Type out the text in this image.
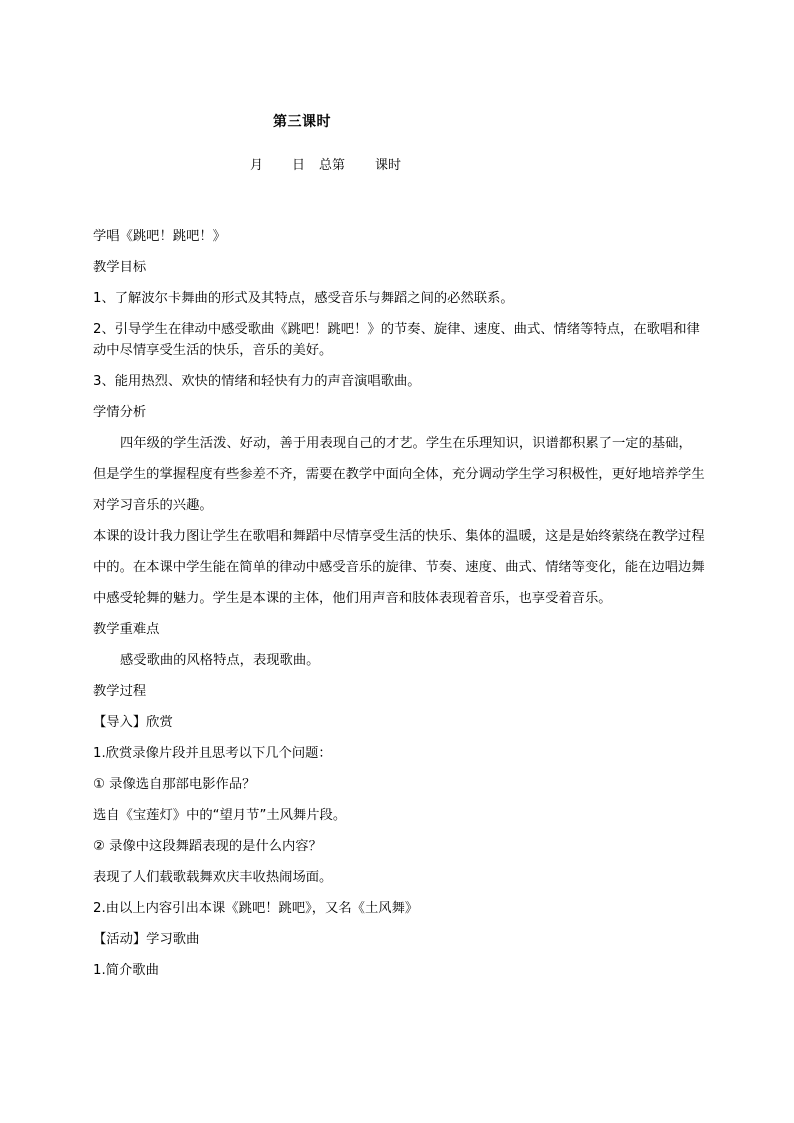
第三课时
月 日 总第 课时

学唱《跳吧！跳吧！》

教学目标

1、了解波尔卡舞曲的形式及其特点，感受音乐与舞蹈之间的必然联系。

2、引导学生在律动中感受歌曲《跳吧！跳吧！》的节奏、旋律、速度、曲式、情绪等特点，在歌唱和律动中尽情享受生活的快乐，音乐的美好。

3、能用热烈、欢快的情绪和轻快有力的声音演唱歌曲。

学情分析

四年级的学生活泼、好动，善于用表现自己的才艺。学生在乐理知识，识谱都积累了一定的基础，但是学生的掌握程度有些参差不齐，需要在教学中面向全体，充分调动学生学习积极性，更好地培养学生对学习音乐的兴趣。

本课的设计我力图让学生在歌唱和舞蹈中尽情享受生活的快乐、集体的温暖，这是是始终萦绕在教学过程中的。在本课中学生能在简单的律动中感受音乐的旋律、节奏、速度、曲式、情绪等变化，能在边唱边舞中感受轮舞的魅力。学生是本课的主体，他们用声音和肢体表现着音乐，也享受着音乐。

教学重难点

感受歌曲的风格特点，表现歌曲。

教学过程

【导入】欣赏

1.欣赏录像片段并且思考以下几个问题：

① 录像选自那部电影作品？

选自《宝莲灯》中的“望月节”土风舞片段。

② 录像中这段舞蹈表现的是什么内容？

表现了人们载歌载舞欢庆丰收热闹场面。

2.由以上内容引出本课《跳吧！跳吧》，又名《土风舞》

【活动】学习歌曲

1.简介歌曲
